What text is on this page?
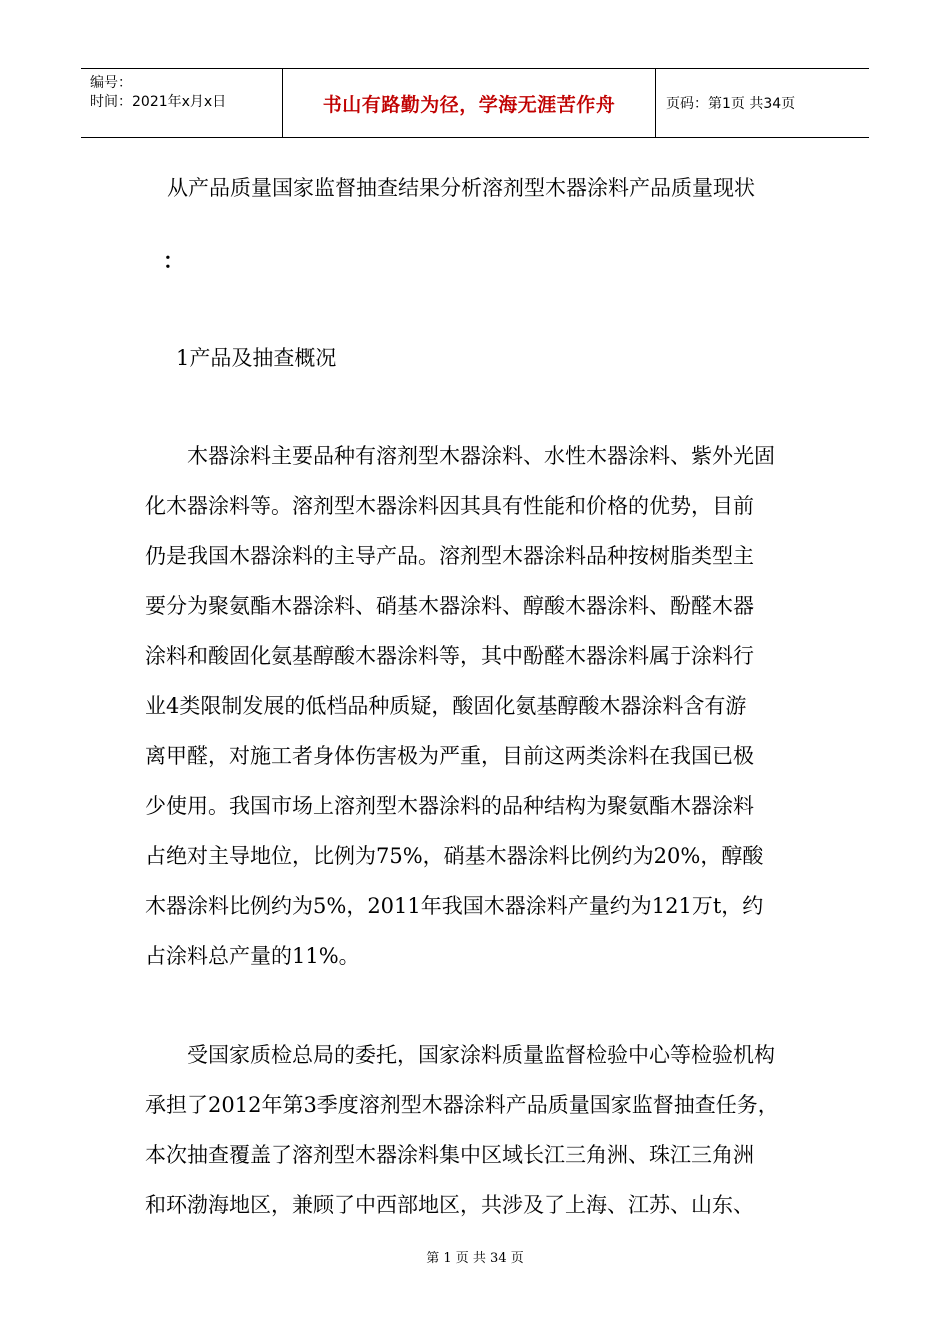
编号：
时间：2021年x月x日	书山有路勤为径，学海无涯苦作舟	页码：第1页 共34页
从产品质量国家监督抽查结果分析溶剂型木器涂料产品质量现状
：
1产品及抽查概况
　　木器涂料主要品种有溶剂型木器涂料、水性木器涂料、紫外光固
化木器涂料等。溶剂型木器涂料因其具有性能和价格的优势，目前
仍是我国木器涂料的主导产品。溶剂型木器涂料品种按树脂类型主
要分为聚氨酯木器涂料、硝基木器涂料、醇酸木器涂料、酚醛木器
涂料和酸固化氨基醇酸木器涂料等，其中酚醛木器涂料属于涂料行
业4类限制发展的低档品种质疑，酸固化氨基醇酸木器涂料含有游
离甲醛，对施工者身体伤害极为严重，目前这两类涂料在我国已极
少使用。我国市场上溶剂型木器涂料的品种结构为聚氨酯木器涂料
占绝对主导地位，比例为75%，硝基木器涂料比例约为20%，醇酸
木器涂料比例约为5%，2011年我国木器涂料产量约为121万t，约
占涂料总产量的11%。
　　受国家质检总局的委托，国家涂料质量监督检验中心等检验机构
承担了2012年第3季度溶剂型木器涂料产品质量国家监督抽查任务，
本次抽查覆盖了溶剂型木器涂料集中区域长江三角洲、珠江三角洲
和环渤海地区，兼顾了中西部地区，共涉及了上海、江苏、山东、
第 1 页 共 34 页
